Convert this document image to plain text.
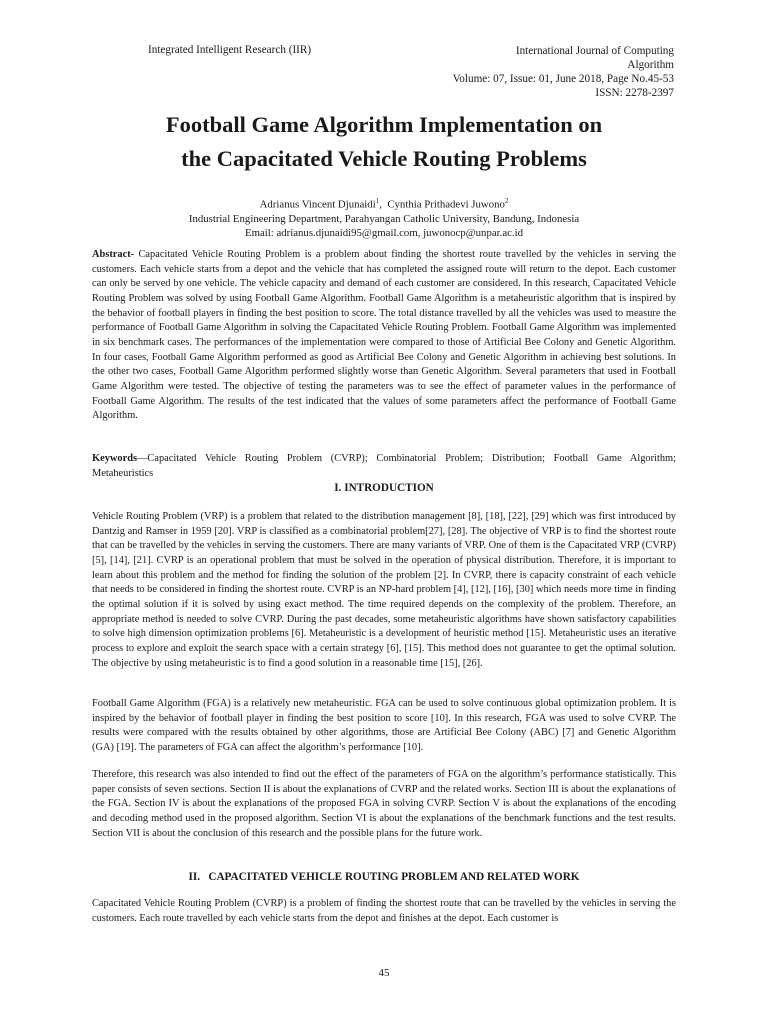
Integrated Intelligent Research (IIR)	International Journal of Computing
Algorithm
Volume: 07, Issue: 01, June 2018, Page No.45-53
ISSN: 2278-2397
Football Game Algorithm Implementation on
the Capacitated Vehicle Routing Problems
Adrianus Vincent Djunaidi$^1$,  Cynthia Prithadevi Juwono$^2$
Industrial Engineering Department, Parahyangan Catholic University, Bandung, Indonesia
Email: adrianus.djunaidi95@gmail.com, juwonocp@unpar.ac.id
Abstract- Capacitated Vehicle Routing Problem is a problem about finding the shortest route travelled by the vehicles in serving the customers. Each vehicle starts from a depot and the vehicle that has completed the assigned route will return to the depot. Each customer can only be served by one vehicle. The vehicle capacity and demand of each customer are considered. In this research, Capacitated Vehicle Routing Problem was solved by using Football Game Algorithm. Football Game Algorithm is a metaheuristic algorithm that is inspired by the behavior of football players in finding the best position to score. The total distance travelled by all the vehicles was used to measure the performance of Football Game Algorithm in solving the Capacitated Vehicle Routing Problem. Football Game Algorithm was implemented in six benchmark cases. The performances of the implementation were compared to those of Artificial Bee Colony and Genetic Algorithm. In four cases, Football Game Algorithm performed as good as Artificial Bee Colony and Genetic Algorithm in achieving best solutions. In the other two cases, Football Game Algorithm performed slightly worse than Genetic Algorithm. Several parameters that used in Football Game Algorithm were tested. The objective of testing the parameters was to see the effect of parameter values in the performance of Football Game Algorithm. The results of the test indicated that the values of some parameters affect the performance of Football Game Algorithm.
Keywords—Capacitated Vehicle Routing Problem (CVRP); Combinatorial Problem; Distribution; Football Game Algorithm; Metaheuristics
I. INTRODUCTION
Vehicle Routing Problem (VRP) is a problem that related to the distribution management [8], [18], [22], [29] which was first introduced by Dantzig and Ramser in 1959 [20]. VRP is classified as a combinatorial problem[27], [28]. The objective of VRP is to find the shortest route that can be travelled by the vehicles in serving the customers. There are many variants of VRP. One of them is the Capacitated VRP (CVRP) [5], [14], [21]. CVRP is an operational problem that must be solved in the operation of physical distribution. Therefore, it is important to learn about this problem and the method for finding the solution of the problem [2]. In CVRP, there is capacity constraint of each vehicle that needs to be considered in finding the shortest route. CVRP is an NP-hard problem [4], [12], [16], [30] which needs more time in finding the optimal solution if it is solved by using exact method. The time required depends on the complexity of the problem. Therefore, an appropriate method is needed to solve CVRP. During the past decades, some metaheuristic algorithms have shown satisfactory capabilities to solve high dimension optimization problems [6]. Metaheuristic is a development of heuristic method [15]. Metaheuristic uses an iterative process to explore and exploit the search space with a certain strategy [6], [15]. This method does not guarantee to get the optimal solution. The objective by using metaheuristic is to find a good solution in a reasonable time [15], [26].
Football Game Algorithm (FGA) is a relatively new metaheuristic. FGA can be used to solve continuous global optimization problem. It is inspired by the behavior of football player in finding the best position to score [10]. In this research, FGA was used to solve CVRP. The results were compared with the results obtained by other algorithms, those are Artificial Bee Colony (ABC) [7] and Genetic Algorithm (GA) [19]. The parameters of FGA can affect the algorithm’s performance [10].
Therefore, this research was also intended to find out the effect of the parameters of FGA on the algorithm’s performance statistically. This paper consists of seven sections. Section II is about the explanations of CVRP and the related works. Section III is about the explanations of the FGA. Section IV is about the explanations of the proposed FGA in solving CVRP. Section V is about the explanations of the encoding and decoding method used in the proposed algorithm. Section VI is about the explanations of the benchmark functions and the test results. Section VII is about the conclusion of this research and the possible plans for the future work.
II.   CAPACITATED VEHICLE ROUTING PROBLEM AND RELATED WORK
Capacitated Vehicle Routing Problem (CVRP) is a problem of finding the shortest route that can be travelled by the vehicles in serving the customers. Each route travelled by each vehicle starts from the depot and finishes at the depot. Each customer is
45
